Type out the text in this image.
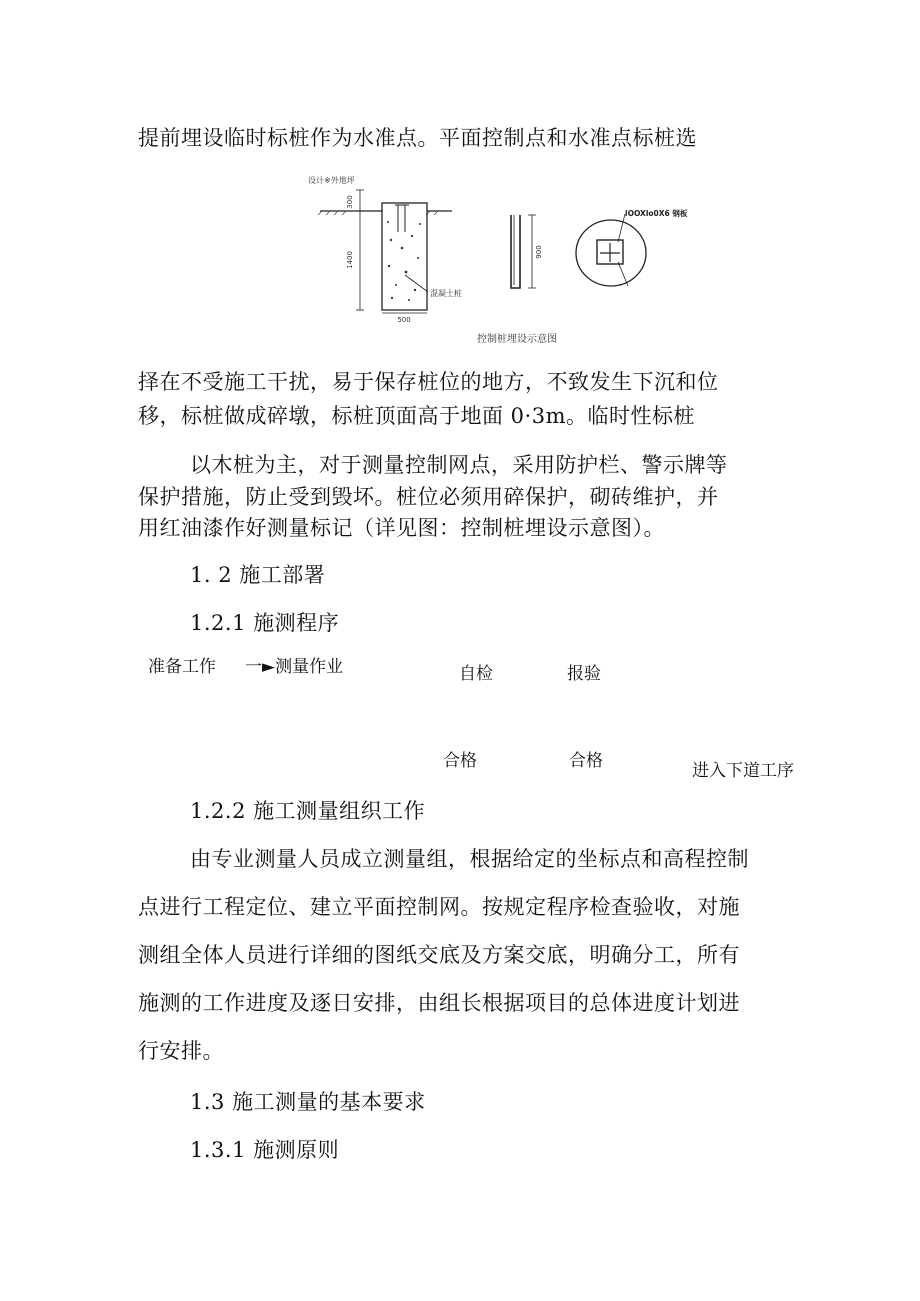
提前埋设临时标桩作为水准点。平面控制点和水准点标桩选
300
1400
500
混凝土桩
设计※外地坪
900
lOOXlo0X6 钢板
控制桩埋设示意图
择在不受施工干扰，易于保存桩位的地方，不致发生下沉和位
移，标桩做成碎墩，标桩顶面高于地面 0·3m。临时性标桩
以木桩为主，对于测量控制网点，采用防护栏、警示牌等
保护措施，防止受到毁坏。桩位必须用碎保护，砌砖维护，并
用红油漆作好测量标记（详见图：控制桩埋设示意图）。
1. 2 施工部署
1.2.1 施测程序
准备工作 一►测量作业	自检	报验
合格	合格	进入下道工序
1.2.2 施工测量组织工作
由专业测量人员成立测量组，根据给定的坐标点和高程控制
点进行工程定位、建立平面控制网。按规定程序检查验收，对施
测组全体人员进行详细的图纸交底及方案交底，明确分工，所有
施测的工作进度及逐日安排，由组长根据项目的总体进度计划进
行安排。
1.3 施工测量的基本要求
1.3.1 施测原则
